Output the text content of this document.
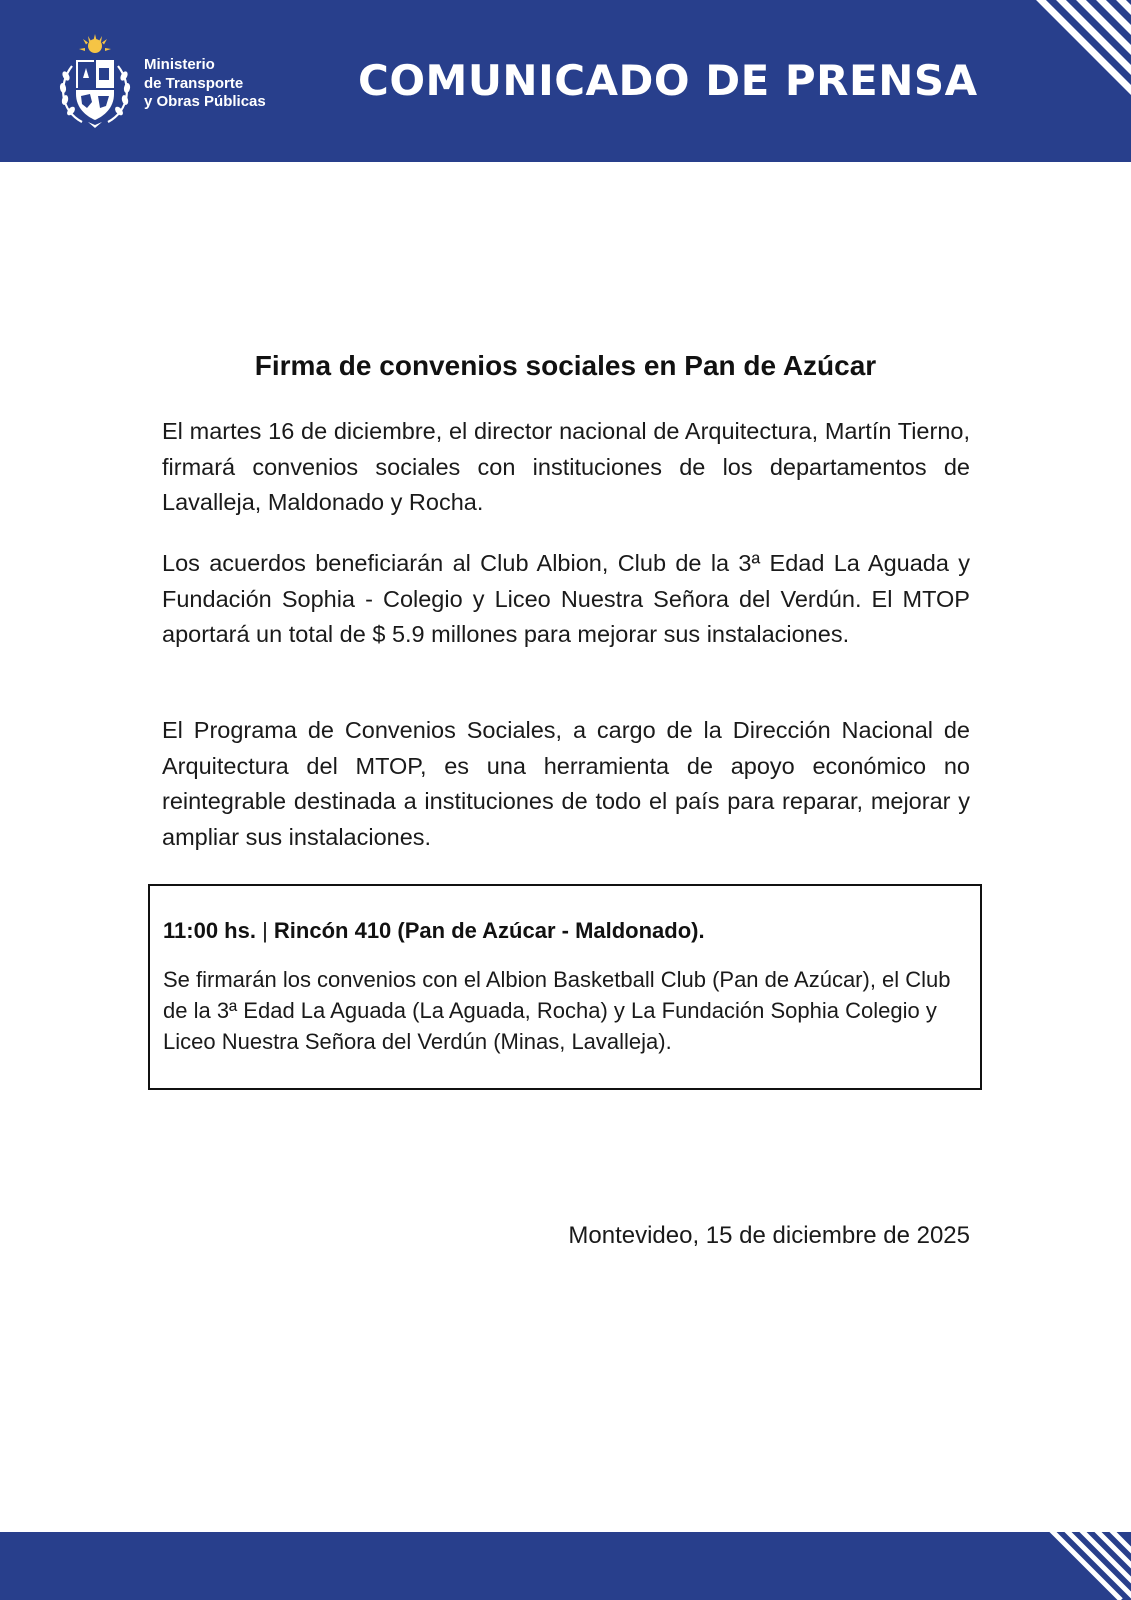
Ministerio
de Transporte
y Obras Públicas COMUNICADO DE PRENSA
Firma de convenios sociales en Pan de Azúcar

El martes 16 de diciembre, el director nacional de Arquitectura, Martín Tierno, firmará convenios sociales con instituciones de los departamentos de Lavalleja, Maldonado y Rocha.

Los acuerdos beneficiarán al Club Albion, Club de la 3ª Edad La Aguada y Fundación Sophia - Colegio y Liceo Nuestra Señora del Verdún. El MTOP aportará un total de $ 5.9 millones para mejorar sus instalaciones.

El Programa de Convenios Sociales, a cargo de la Dirección Nacional de Arquitectura del MTOP, es una herramienta de apoyo económico no reintegrable destinada a instituciones de todo el país para reparar, mejorar y ampliar sus instalaciones.

11:00 hs. | Rincón 410 (Pan de Azúcar - Maldonado).

Se firmarán los convenios con el Albion Basketball Club (Pan de Azúcar), el Club de la 3ª Edad La Aguada (La Aguada, Rocha) y La Fundación Sophia Colegio y Liceo Nuestra Señora del Verdún (Minas, Lavalleja).

Montevideo, 15 de diciembre de 2025
